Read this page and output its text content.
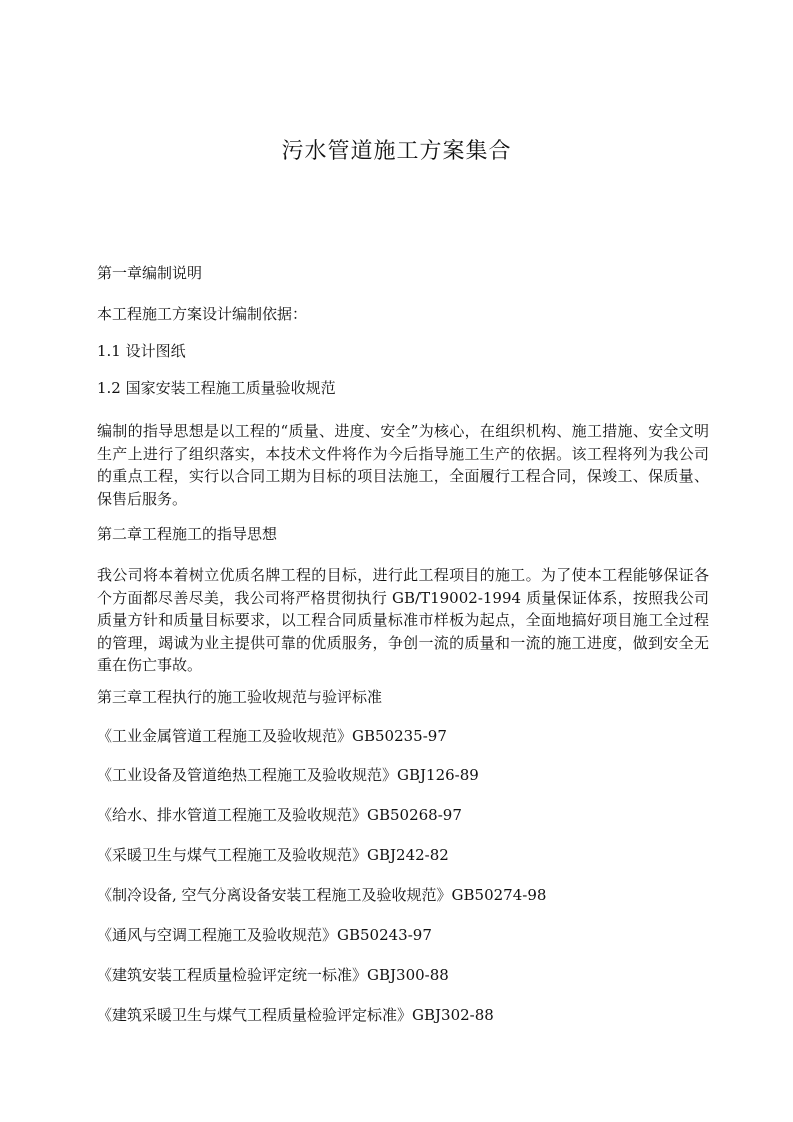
污水管道施工方案集合

第一章编制说明

本工程施工方案设计编制依据：

1.1 设计图纸

1.2 国家安装工程施工质量验收规范

编制的指导思想是以工程的“质量、进度、安全”为核心，在组织机构、施工措施、安全文明生产上进行了组织落实，本技术文件将作为今后指导施工生产的依据。该工程将列为我公司的重点工程，实行以合同工期为目标的项目法施工，全面履行工程合同，保竣工、保质量、保售后服务。

第二章工程施工的指导思想

我公司将本着树立优质名牌工程的目标，进行此工程项目的施工。为了使本工程能够保证各个方面都尽善尽美，我公司将严格贯彻执行 GB/T19002-1994 质量保证体系，按照我公司质量方针和质量目标要求，以工程合同质量标准市样板为起点，全面地搞好项目施工全过程的管理，竭诚为业主提供可靠的优质服务，争创一流的质量和一流的施工进度，做到安全无重在伤亡事故。

第三章工程执行的施工验收规范与验评标准

《工业金属管道工程施工及验收规范》GB50235-97

《工业设备及管道绝热工程施工及验收规范》GBJ126-89

《给水、排水管道工程施工及验收规范》GB50268-97

《采暖卫生与煤气工程施工及验收规范》GBJ242-82

《制冷设备, 空气分离设备安装工程施工及验收规范》GB50274-98

《通风与空调工程施工及验收规范》GB50243-97

《建筑安装工程质量检验评定统一标准》GBJ300-88

《建筑采暖卫生与煤气工程质量检验评定标准》GBJ302-88
